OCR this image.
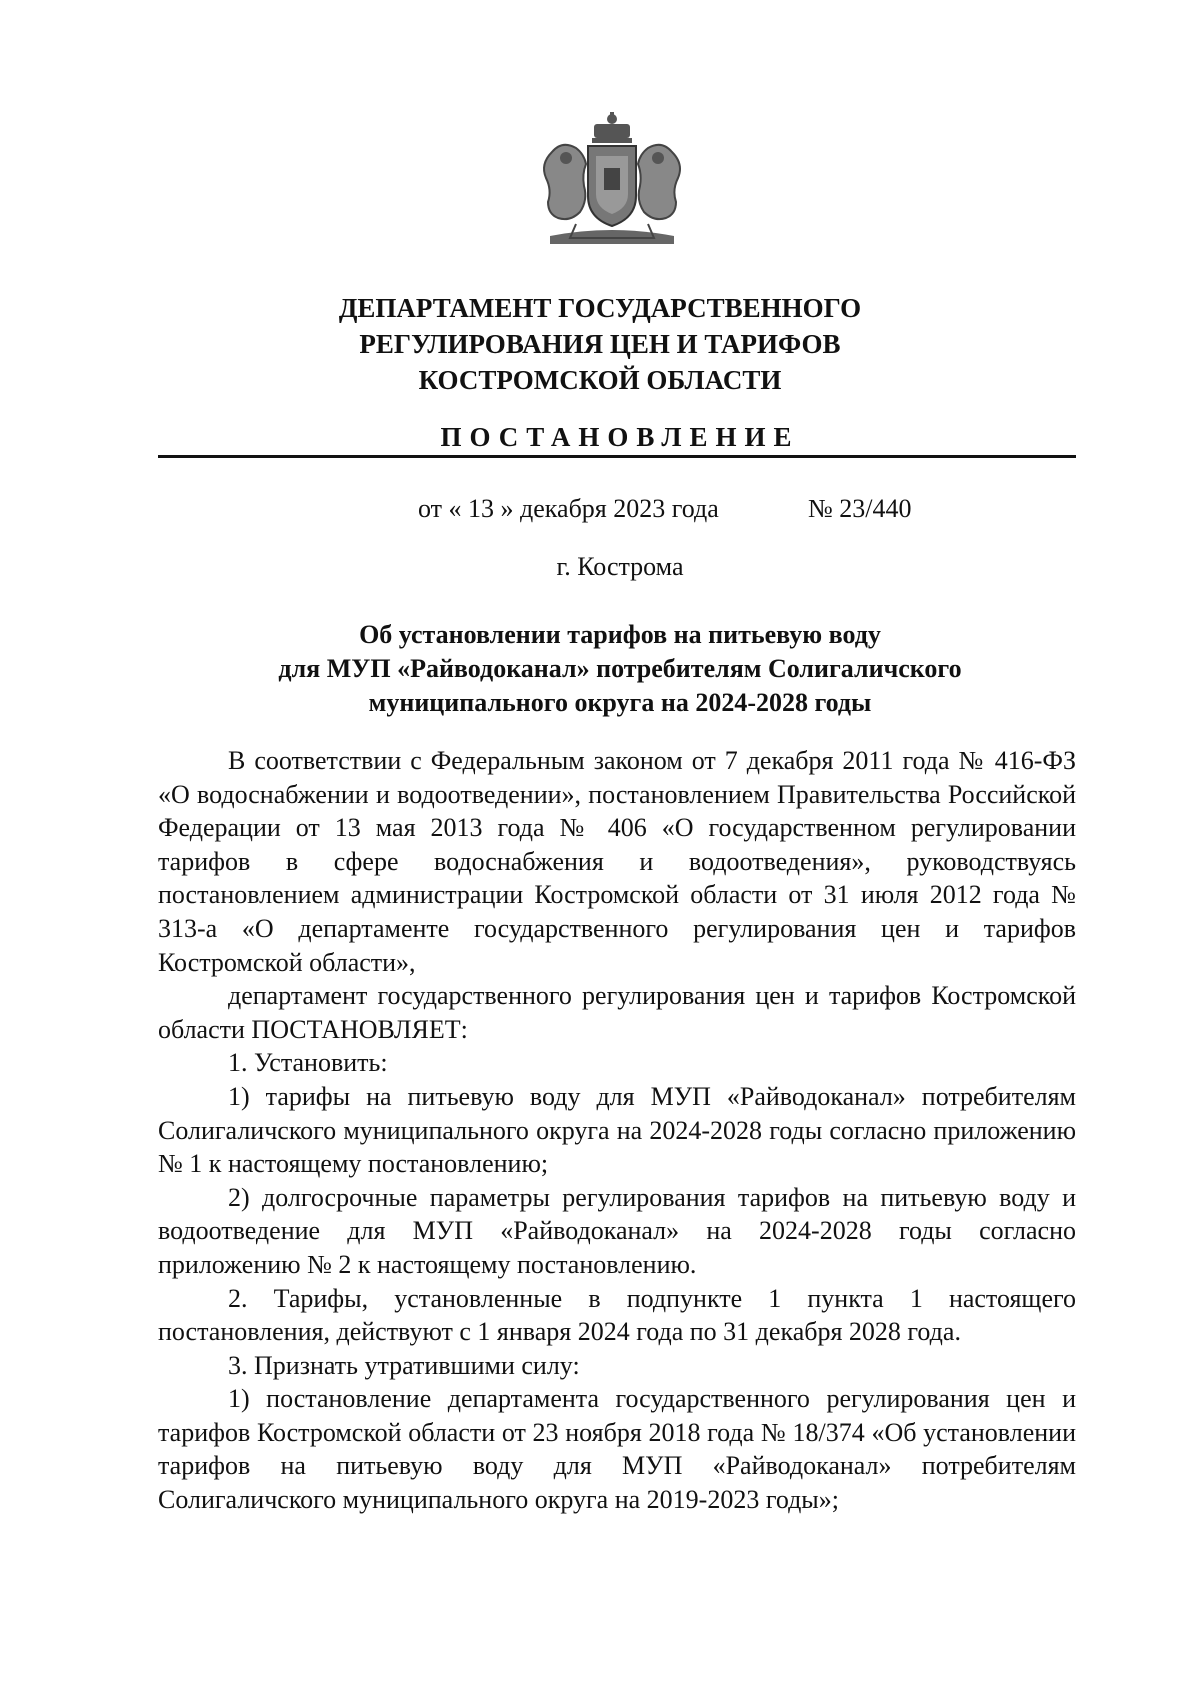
ДЕПАРТАМЕНТ ГОСУДАРСТВЕННОГО
РЕГУЛИРОВАНИЯ ЦЕН И ТАРИФОВ
КОСТРОМСКОЙ ОБЛАСТИ
ПОСТАНОВЛЕНИЕ
от « 13 » декабря 2023 года	№ 23/440
г. Кострома
Об установлении тарифов на питьевую воду
для МУП «Райводоканал» потребителям Солигаличского
муниципального округа на 2024-2028 годы

В соответствии с Федеральным законом от 7 декабря 2011 года № 416-ФЗ «О водоснабжении и водоотведении», постановлением Правительства Российской Федерации от 13 мая 2013 года № 406 «О государственном регулировании тарифов в сфере водоснабжения и водоотведения», руководствуясь постановлением администрации Костромской области от 31 июля 2012 года № 313-а «О департаменте государственного регулирования цен и тарифов Костромской области»,

департамент государственного регулирования цен и тарифов Костромской области ПОСТАНОВЛЯЕТ:

1. Установить:

1) тарифы на питьевую воду для МУП «Райводоканал» потребителям Солигаличского муниципального округа на 2024-2028 годы согласно приложению № 1 к настоящему постановлению;

2) долгосрочные параметры регулирования тарифов на питьевую воду и водоотведение для МУП «Райводоканал» на 2024-2028 годы согласно приложению № 2 к настоящему постановлению.

2. Тарифы, установленные в подпункте 1 пункта 1 настоящего постановления, действуют с 1 января 2024 года по 31 декабря 2028 года.

3. Признать утратившими силу:

1) постановление департамента государственного регулирования цен и тарифов Костромской области от 23 ноября 2018 года № 18/374 «Об установлении тарифов на питьевую воду для МУП «Райводоканал» потребителям Солигаличского муниципального округа на 2019-2023 годы»;
